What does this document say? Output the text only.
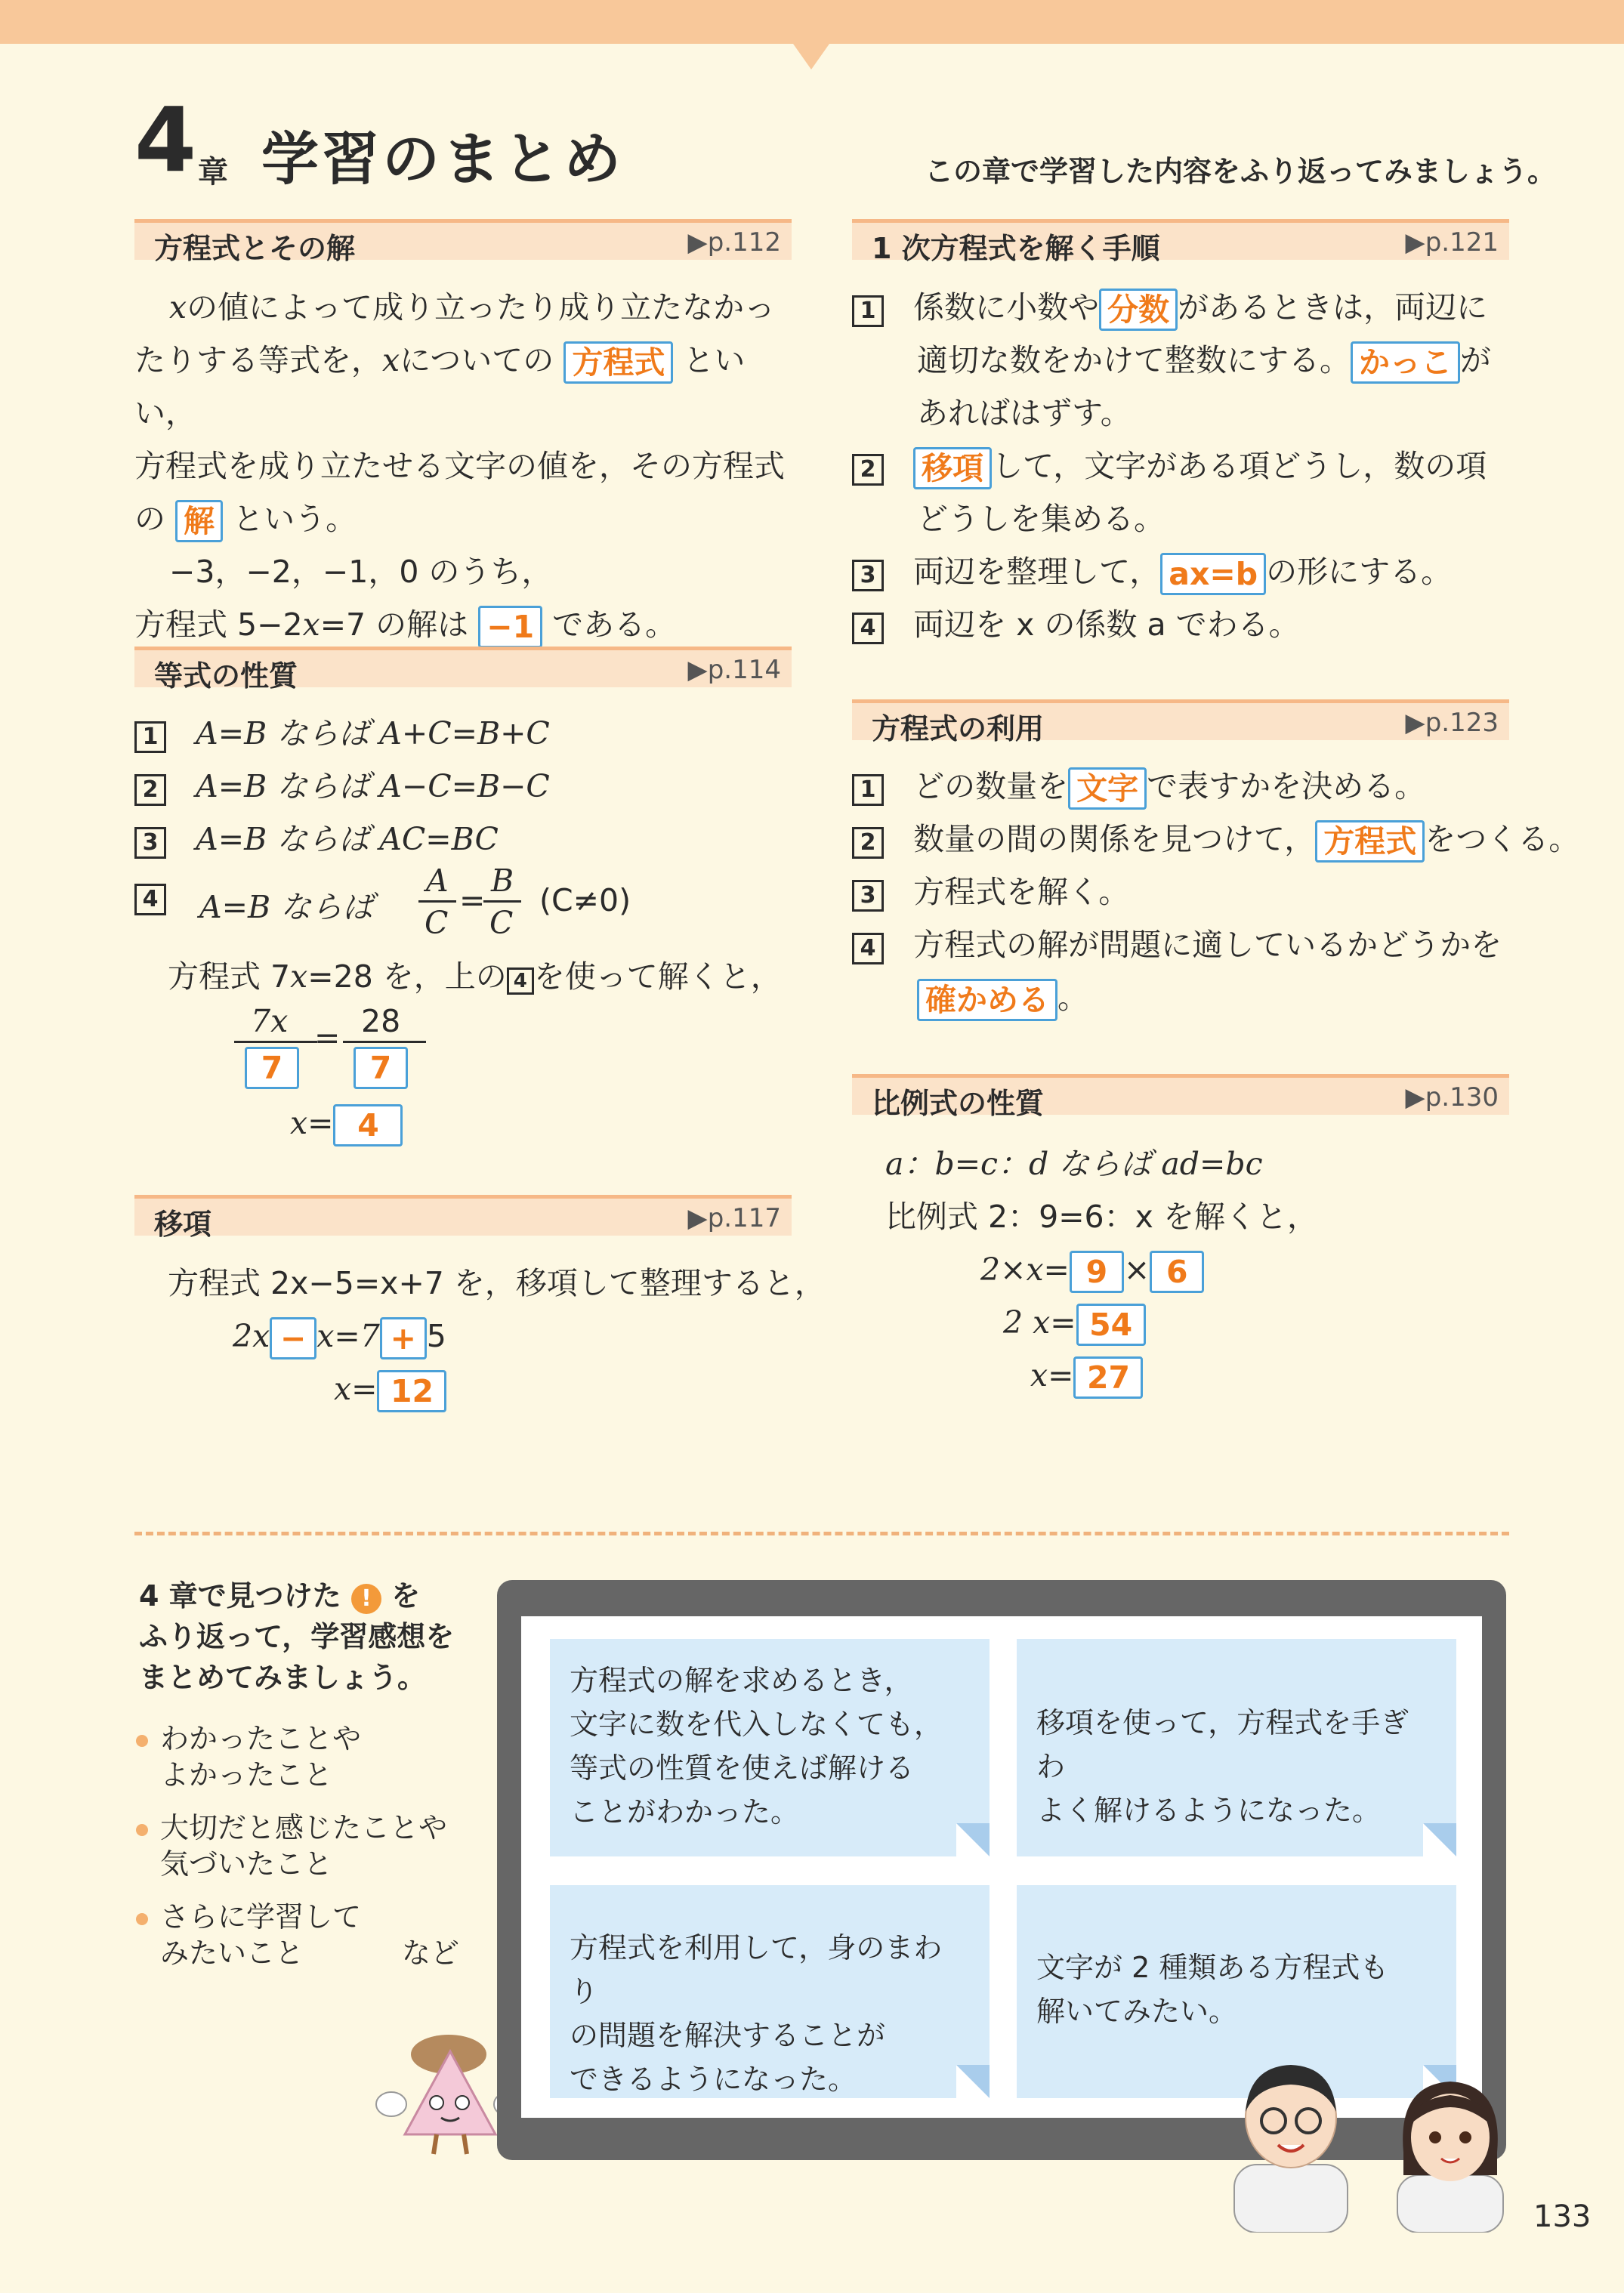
4 章 学習のまとめ	この章で学習した内容をふり返ってみましょう。
方程式とその解	▶p.112
xの値によって成り立ったり成り立たなかっ
たりする等式を，xについての 方程式 といい，
方程式を成り立たせる文字の値を，その方程式
の 解 という。
−3，−2，−1，0 のうち，
方程式 5−2x=7 の解は −1 である。
等式の性質	▶p.114
1 A=B ならば A+C=B+C
2 A=B ならば A−C=B−C
3 A=B ならば AC=BC
4 A=B ならば
A
C
=
B
C
(C≠0)
方程式 7x=28 を，上の 4 を使って解くと，
7x
7
= 28
7
x= 4
移項	▶p.117
方程式 2x−5=x+7 を，移項して整理すると，
2x − x=7 + 5
x= 12
1 次方程式を解く手順	▶p.121
1 係数に小数や 分数 があるときは，両辺に
適切な数をかけて整数にする。 かっこ が
あればはずす。
2 移項 して，文字がある項どうし，数の項
どうしを集める。
3 両辺を整理して， ax=b の形にする。
4 両辺を x の係数 a でわる。
方程式の利用	▶p.123
1 どの数量を 文字 で表すかを決める。
2 数量の間の関係を見つけて， 方程式 をつくる。
3 方程式を解く。
4 方程式の解が問題に適しているかどうかを
確かめる 。
比例式の性質	▶p.130
a：b=c：d ならば ad=bc
比例式 2：9=6：x を解くと，
2×x= 9 × 6
2 x= 54
x= 27
4 章で見つけた ! を
ふり返って，学習感想を
まとめてみましょう。
わかったことや
よかったこと
大切だと感じたことや
気づいたこと
さらに学習して
みたいこと	など
方程式の解を求めるとき，
文字に数を代入しなくても，
等式の性質を使えば解ける
ことがわかった。
移項を使って，方程式を手ぎわ
よく解けるようになった。
方程式を利用して，身のまわり
の問題を解決することが
できるようになった。
文字が 2 種類ある方程式も
解いてみたい。
133
